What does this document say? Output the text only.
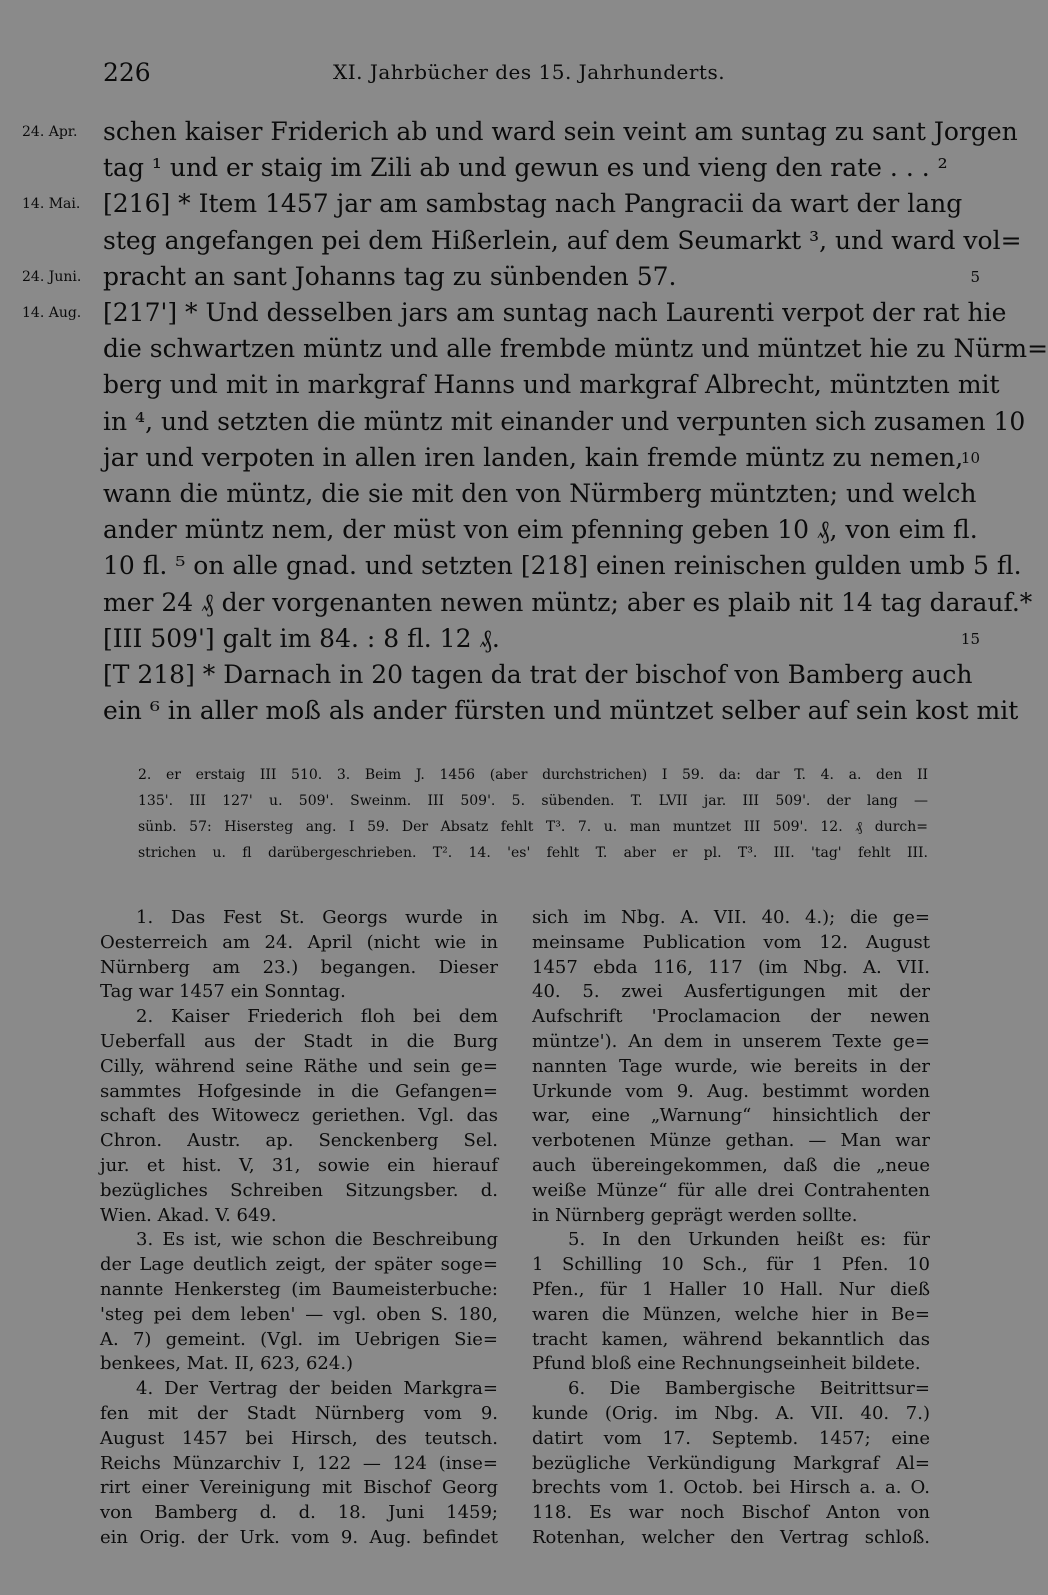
226	XI. Jahrbücher des 15. Jahrhunderts.
24. Apr.	schen kaiser Friderich ab und ward sein veint am suntag zu sant Jorgen
tag ¹ und er staig im Zili ab und gewun es und vieng den rate . . . ²
14. Mai. [216] * Item 1457 jar am sambstag nach Pangracii da wart der lang
steg angefangen pei dem Hißerlein, auf dem Seumarkt ³, und ward vol=
24. Juni. pracht an sant Johanns tag zu sünbenden 57.	5
14. Aug. [217'] * Und desselben jars am suntag nach Laurenti verpot der rat hie
die schwartzen müntz und alle frembde müntz und müntzet hie zu Nürm=
berg und mit in markgraf Hanns und markgraf Albrecht, müntzten mit
in ⁴, und setzten die müntz mit einander und verpunten sich zusamen 10
jar und verpoten in allen iren landen, kain fremde müntz zu nemen,
10
wann die müntz, die sie mit den von Nürmberg müntzten; und welch
ander müntz nem, der müst von eim pfenning geben 10 ₰, von eim fl.
10 fl. ⁵ on alle gnad. und setzten [218] einen reinischen gulden umb 5 fl.
mer 24 ₰ der vorgenanten newen müntz; aber es plaib nit 14 tag darauf.*
[III 509'] galt im 84. : 8 fl. 12 ₰.	15
[T 218] * Darnach in 20 tagen da trat der bischof von Bamberg auch
ein ⁶ in aller moß als ander fürsten und müntzet selber auf sein kost mit
2. er erstaig III 510. 3. Beim J. 1456 (aber durchstrichen) I 59. da: dar T. 4. a. den II
135'. III 127' u. 509'. Sweinm. III 509'. 5. sübenden. T. LVII jar. III 509'. der lang —
sünb. 57: Hisersteg ang. I 59. Der Absatz fehlt T³. 7. u. man muntzet III 509'. 12. ₰ durch=
strichen u. fl darübergeschrieben. T². 14. 'es' fehlt T. aber er pl. T³. III. 'tag' fehlt III.
1. Das Fest St. Georgs wurde in
Oesterreich am 24. April (nicht wie in
Nürnberg am 23.) begangen. Dieser
Tag war 1457 ein Sonntag.
2. Kaiser Friederich floh bei dem
Ueberfall aus der Stadt in die Burg
Cilly, während seine Räthe und sein ge=
sammtes Hofgesinde in die Gefangen=
schaft des Witowecz geriethen. Vgl. das
Chron. Austr. ap. Senckenberg Sel.
jur. et hist. V, 31, sowie ein hierauf
bezügliches Schreiben Sitzungsber. d.
Wien. Akad. V. 649.
3. Es ist, wie schon die Beschreibung
der Lage deutlich zeigt, der später soge=
nannte Henkersteg (im Baumeisterbuche:
'steg pei dem leben' — vgl. oben S. 180,
A. 7) gemeint. (Vgl. im Uebrigen Sie=
benkees, Mat. II, 623, 624.)
4. Der Vertrag der beiden Markgra=
fen mit der Stadt Nürnberg vom 9.
August 1457 bei Hirsch, des teutsch.
Reichs Münzarchiv I, 122 — 124 (inse=
rirt einer Vereinigung mit Bischof Georg
von Bamberg d. d. 18. Juni 1459;
ein Orig. der Urk. vom 9. Aug. befindet
sich im Nbg. A. VII. 40. 4.); die ge=
meinsame Publication vom 12. August
1457 ebda 116, 117 (im Nbg. A. VII.
40. 5. zwei Ausfertigungen mit der
Aufschrift 'Proclamacion der newen
müntze'). An dem in unserem Texte ge=
nannten Tage wurde, wie bereits in der
Urkunde vom 9. Aug. bestimmt worden
war, eine „Warnung“ hinsichtlich der
verbotenen Münze gethan. — Man war
auch übereingekommen, daß die „neue
weiße Münze“ für alle drei Contrahenten
in Nürnberg geprägt werden sollte.
5. In den Urkunden heißt es: für
1 Schilling 10 Sch., für 1 Pfen. 10
Pfen., für 1 Haller 10 Hall. Nur dieß
waren die Münzen, welche hier in Be=
tracht kamen, während bekanntlich das
Pfund bloß eine Rechnungseinheit bildete.
6. Die Bambergische Beitrittsur=
kunde (Orig. im Nbg. A. VII. 40. 7.)
datirt vom 17. Septemb. 1457; eine
bezügliche Verkündigung Markgraf Al=
brechts vom 1. Octob. bei Hirsch a. a. O.
118. Es war noch Bischof Anton von
Rotenhan, welcher den Vertrag schloß.
